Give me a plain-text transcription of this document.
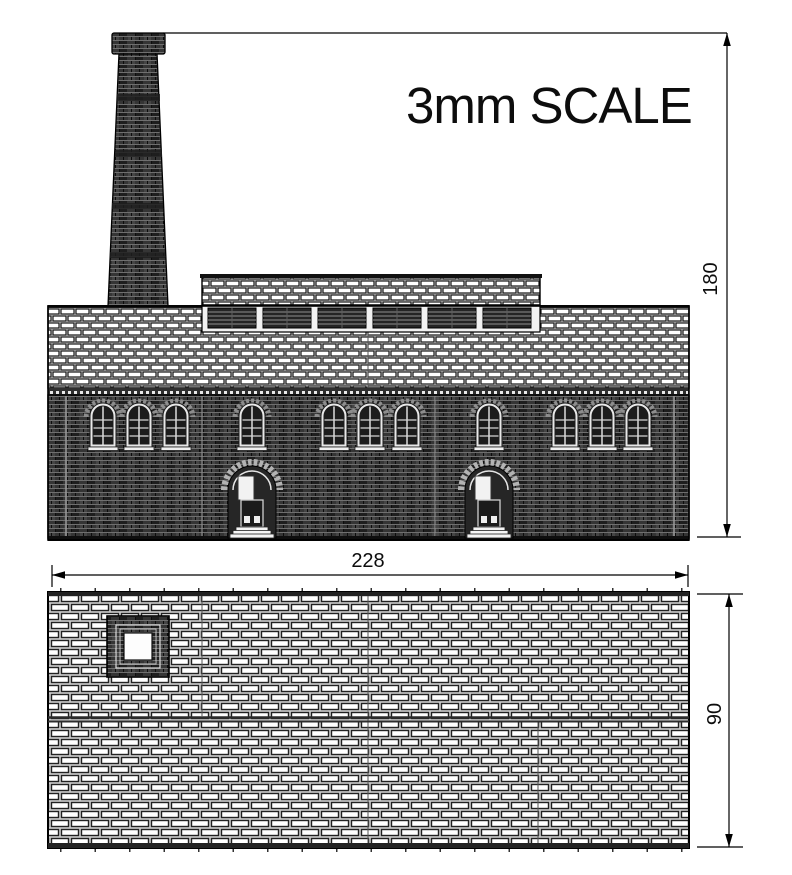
3mm SCALE
180
228
90
